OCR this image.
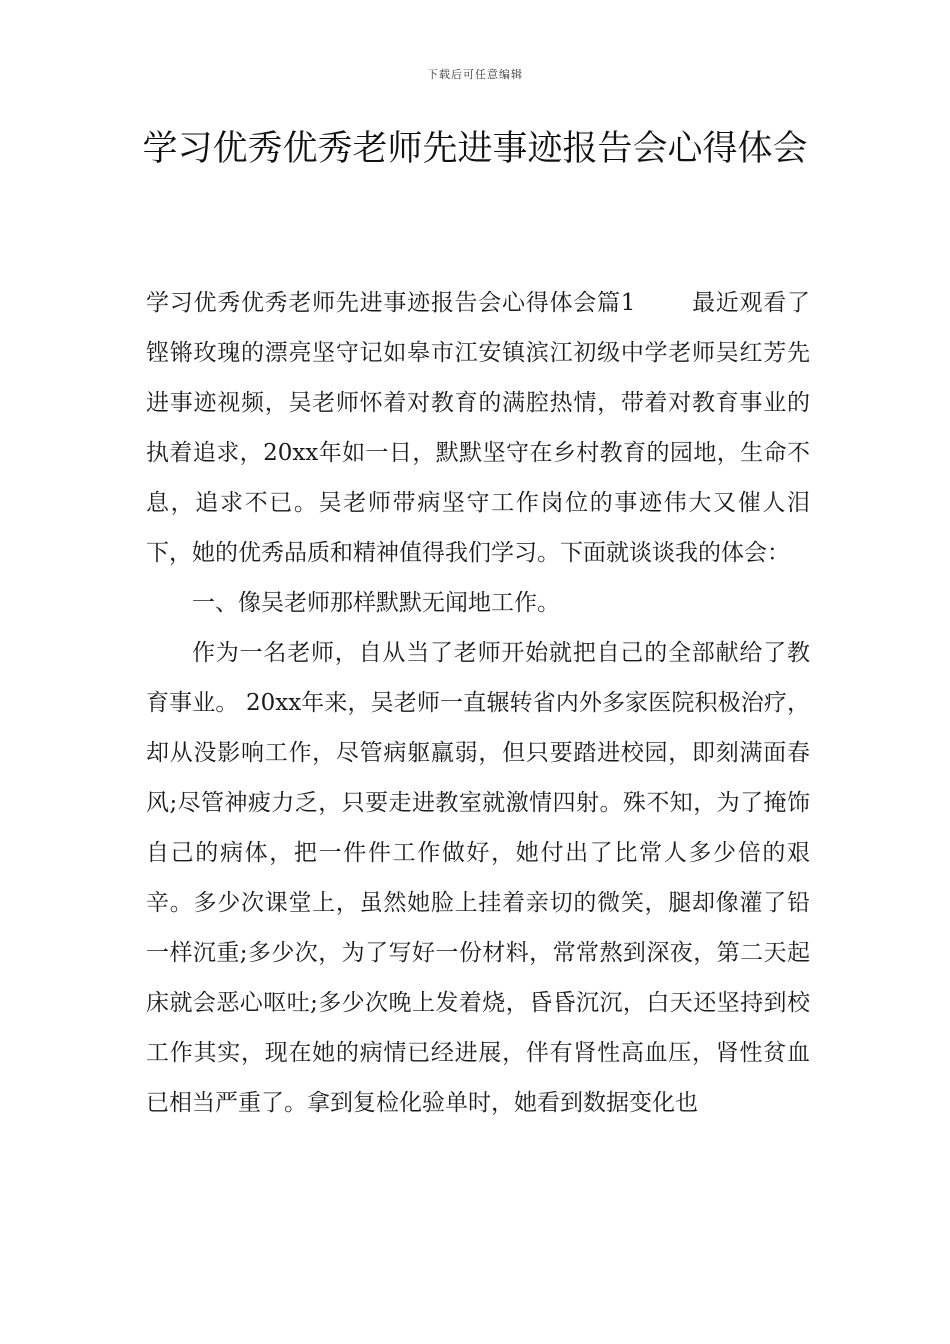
下载后可任意编辑
学习优秀优秀老师先进事迹报告会心得体会

学习优秀优秀老师先进事迹报告会心得体会篇1 最近观看了铿锵玫瑰的漂亮坚守记如皋市江安镇滨江初级中学老师吴红芳先进事迹视频，吴老师怀着对教育的满腔热情，带着对教育事业的执着追求，20xx年如一日，默默坚守在乡村教育的园地，生命不息，追求不已。吴老师带病坚守工作岗位的事迹伟大又催人泪下，她的优秀品质和精神值得我们学习。下面就谈谈我的体会：

一、像吴老师那样默默无闻地工作。

作为一名老师，自从当了老师开始就把自己的全部献给了教育事业。 20xx年来，吴老师一直辗转省内外多家医院积极治疗，却从没影响工作，尽管病躯羸弱，但只要踏进校园，即刻满面春风;尽管神疲力乏，只要走进教室就激情四射。殊不知，为了掩饰自己的病体，把一件件工作做好，她付出了比常人多少倍的艰辛。多少次课堂上，虽然她脸上挂着亲切的微笑，腿却像灌了铅一样沉重;多少次，为了写好一份材料，常常熬到深夜，第二天起床就会恶心呕吐;多少次晚上发着烧，昏昏沉沉，白天还坚持到校工作其实，现在她的病情已经进展，伴有肾性高血压，肾性贫血已相当严重了。拿到复检化验单时，她看到数据变化也
